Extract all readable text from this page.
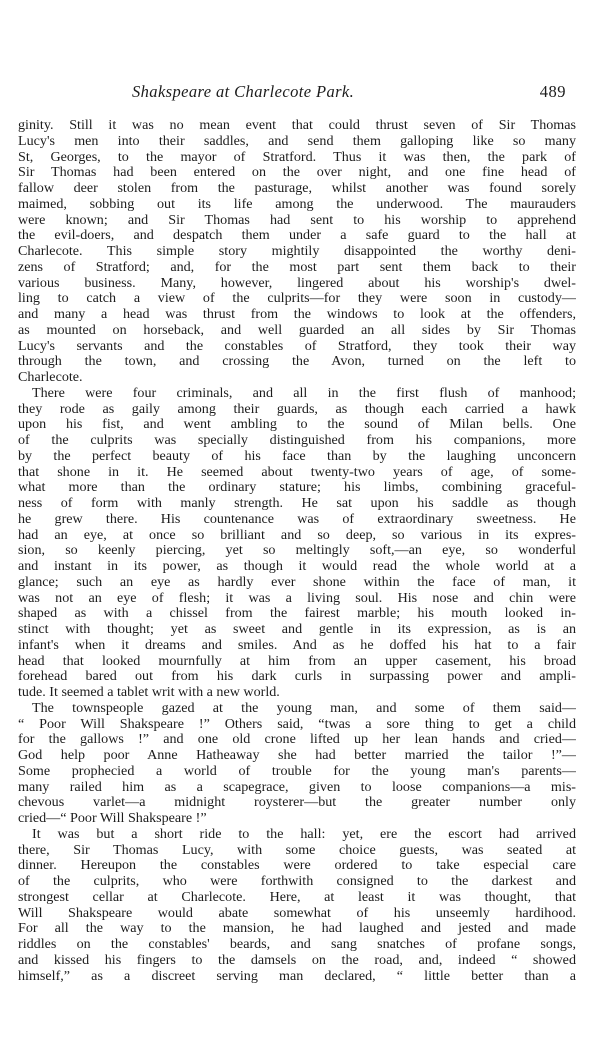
Shakspeare at Charlecote Park.	489

ginity. Still it was no mean event that could thrust seven of Sir Thomas

Lucy's men into their saddles, and send them galloping like so many

St, Georges, to the mayor of Stratford. Thus it was then, the park of

Sir Thomas had been entered on the over night, and one fine head of

fallow deer stolen from the pasturage, whilst another was found sorely

maimed, sobbing out its life among the underwood. The maurauders

were known; and Sir Thomas had sent to his worship to apprehend

the evil-doers, and despatch them under a safe guard to the hall at

Charlecote. This simple story mightily disappointed the worthy deni-

zens of Stratford; and, for the most part sent them back to their

various business. Many, however, lingered about his worship's dwel-

ling to catch a view of the culprits—for they were soon in custody—

and many a head was thrust from the windows to look at the offenders,

as mounted on horseback, and well guarded an all sides by Sir Thomas

Lucy's servants and the constables of Stratford, they took their way

through the town, and crossing the Avon, turned on the left to

Charlecote.

There were four criminals, and all in the first flush of manhood;

they rode as gaily among their guards, as though each carried a hawk

upon his fist, and went ambling to the sound of Milan bells. One

of the culprits was specially distinguished from his companions, more

by the perfect beauty of his face than by the laughing unconcern

that shone in it. He seemed about twenty-two years of age, of some-

what more than the ordinary stature; his limbs, combining graceful-

ness of form with manly strength. He sat upon his saddle as though

he grew there. His countenance was of extraordinary sweetness. He

had an eye, at once so brilliant and so deep, so various in its expres-

sion, so keenly piercing, yet so meltingly soft,—an eye, so wonderful

and instant in its power, as though it would read the whole world at a

glance; such an eye as hardly ever shone within the face of man, it

was not an eye of flesh; it was a living soul. His nose and chin were

shaped as with a chissel from the fairest marble; his mouth looked in-

stinct with thought; yet as sweet and gentle in its expression, as is an

infant's when it dreams and smiles. And as he doffed his hat to a fair

head that looked mournfully at him from an upper casement, his broad

forehead bared out from his dark curls in surpassing power and ampli-

tude. It seemed a tablet writ with a new world.

The townspeople gazed at the young man, and some of them said—

“ Poor Will Shakspeare !” Others said, “twas a sore thing to get a child

for the gallows !” and one old crone lifted up her lean hands and cried—

God help poor Anne Hatheaway she had better married the tailor !”—

Some prophecied a world of trouble for the young man's parents—

many railed him as a scapegrace, given to loose companions—a mis-

chevous varlet—a midnight roysterer—but the greater number only

cried—“ Poor Will Shakspeare !”

It was but a short ride to the hall: yet, ere the escort had arrived

there, Sir Thomas Lucy, with some choice guests, was seated at

dinner. Hereupon the constables were ordered to take especial care

of the culprits, who were forthwith consigned to the darkest and

strongest cellar at Charlecote. Here, at least it was thought, that

Will Shakspeare would abate somewhat of his unseemly hardihood.

For all the way to the mansion, he had laughed and jested and made

riddles on the constables' beards, and sang snatches of profane songs,

and kissed his fingers to the damsels on the road, and, indeed “ showed

himself,” as a discreet serving man declared, “ little better than a
